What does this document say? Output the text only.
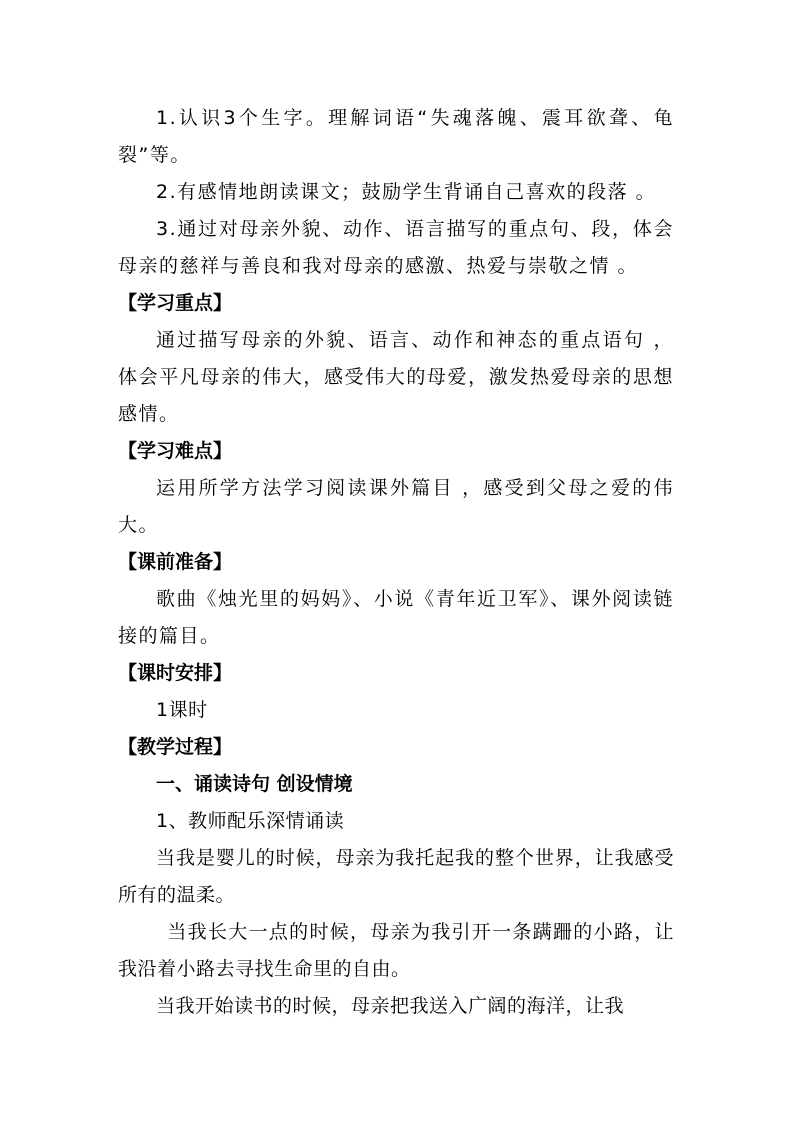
1.认识3个生字。理解词语“失魂落魄、震耳欲聋、龟裂”等。

2.有感情地朗读课文；鼓励学生背诵自己喜欢的段落 。

3.通过对母亲外貌、动作、语言描写的重点句、段，体会母亲的慈祥与善良和我对母亲的感激、热爱与崇敬之情 。

【学习重点】

通过描写母亲的外貌、语言、动作和神态的重点语句 ，体会平凡母亲的伟大，感受伟大的母爱，激发热爱母亲的思想感情。

【学习难点】

运用所学方法学习阅读课外篇目 ，感受到父母之爱的伟大。

【课前准备】

歌曲《烛光里的妈妈》、小说《青年近卫军》、课外阅读链接的篇目。

【课时安排】

1课时

【教学过程】

一、诵读诗句 创设情境

1、教师配乐深情诵读

当我是婴儿的时候，母亲为我托起我的整个世界，让我感受所有的温柔。

当我长大一点的时候，母亲为我引开一条蹒跚的小路，让我沿着小路去寻找生命里的自由。

当我开始读书的时候，母亲把我送入广阔的海洋，让我
